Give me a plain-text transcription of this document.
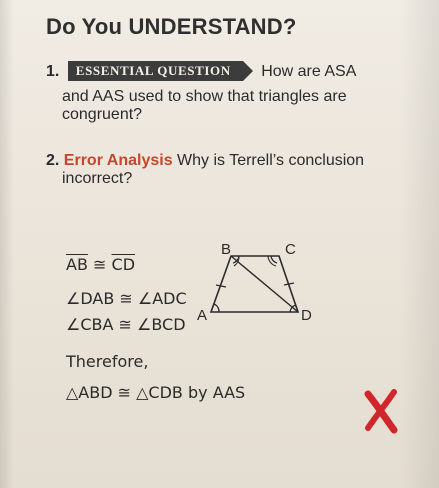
Do You UNDERSTAND?
1. ESSENTIAL QUESTION How are ASA
and AAS used to show that triangles are
congruent?
2. Error Analysis Why is Terrell’s conclusion
incorrect?
$\overline{AB}$ ≅ $\overline{CD}$
∠DAB ≅ ∠ADC
∠CBA ≅ ∠BCD
B	C
A	D
Therefore,
△ABD ≅ △CDB by AAS
